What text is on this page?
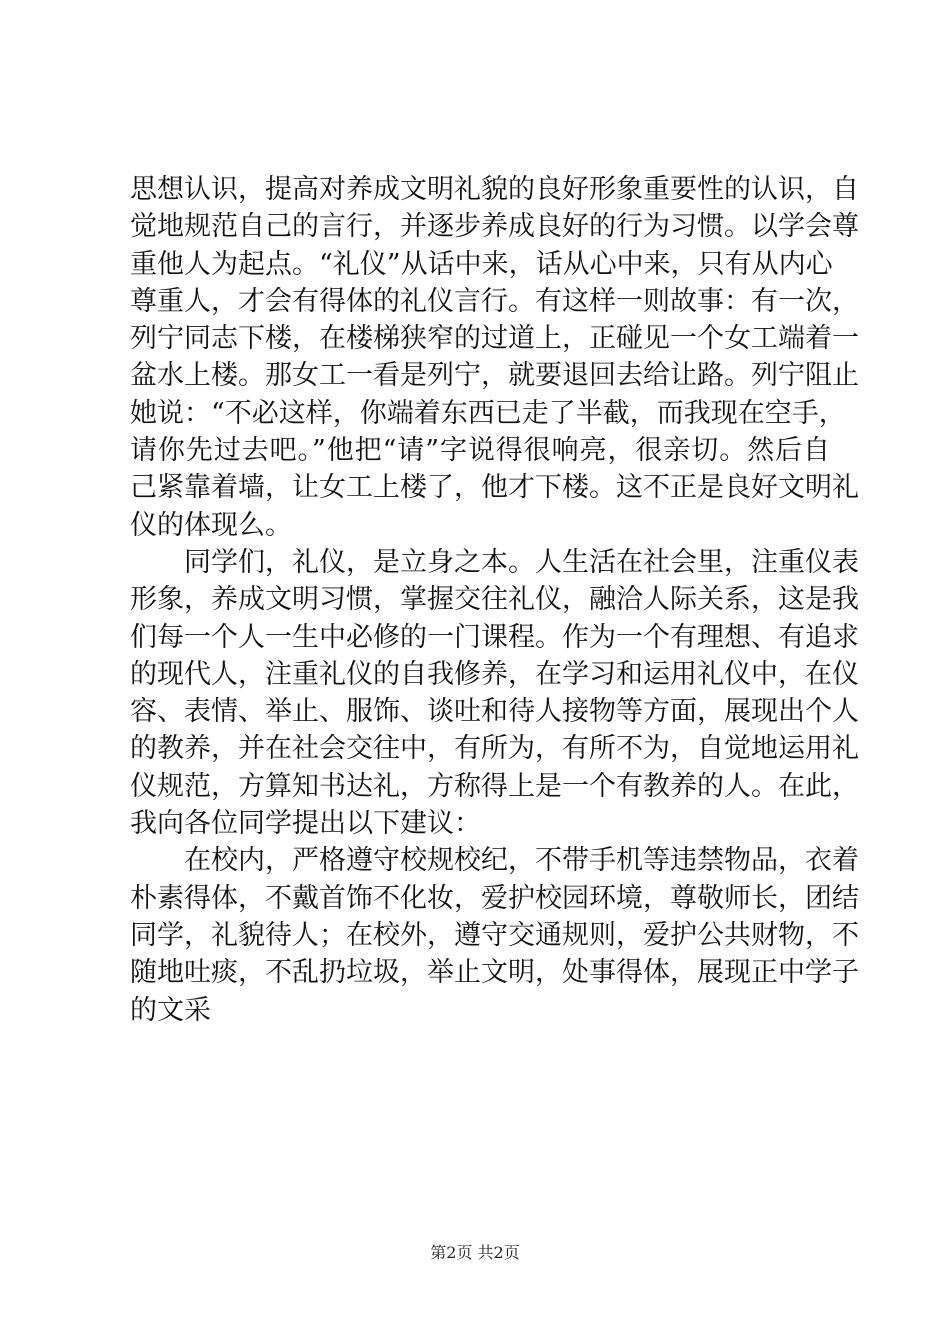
思想认识，提高对养成文明礼貌的良好形象重要性的认识，自
觉地规范自己的言行，并逐步养成良好的行为习惯。以学会尊
重他人为起点。“礼仪”从话中来，话从心中来，只有从内心
尊重人，才会有得体的礼仪言行。有这样一则故事：有一次，
列宁同志下楼，在楼梯狭窄的过道上，正碰见一个女工端着一
盆水上楼。那女工一看是列宁，就要退回去给让路。列宁阻止
她说：“不必这样，你端着东西已走了半截，而我现在空手，
请你先过去吧。”他把“请”字说得很响亮，很亲切。然后自
己紧靠着墙，让女工上楼了，他才下楼。这不正是良好文明礼
仪的体现么。
同学们，礼仪，是立身之本。人生活在社会里，注重仪表
形象，养成文明习惯，掌握交往礼仪，融洽人际关系，这是我
们每一个人一生中必修的一门课程。作为一个有理想、有追求
的现代人，注重礼仪的自我修养，在学习和运用礼仪中，在仪
容、表情、举止、服饰、谈吐和待人接物等方面，展现出个人
的教养，并在社会交往中，有所为，有所不为，自觉地运用礼
仪规范，方算知书达礼，方称得上是一个有教养的人。在此，
我向各位同学提出以下建议：
在校内，严格遵守校规校纪，不带手机等违禁物品，衣着
朴素得体，不戴首饰不化妆，爱护校园环境，尊敬师长，团结
同学，礼貌待人；在校外，遵守交通规则，爱护公共财物，不
随地吐痰，不乱扔垃圾，举止文明，处事得体，展现正中学子
的文采
第2页 共2页
